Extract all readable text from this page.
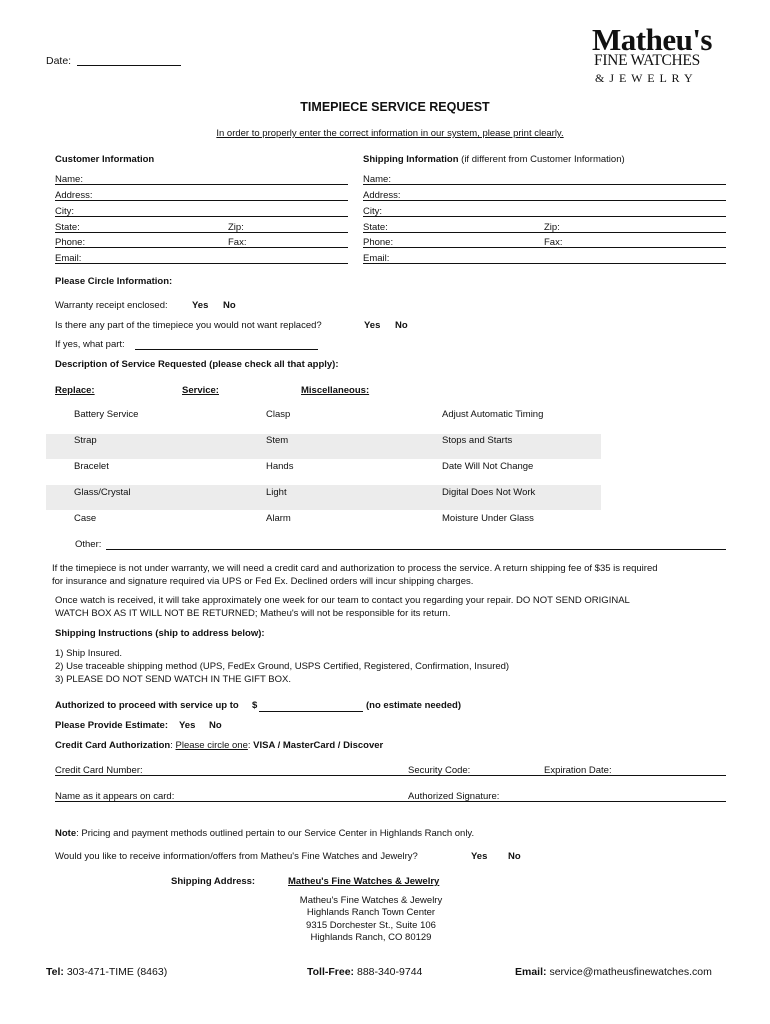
Date:
Matheu's
FINE WATCHES
& J E W E L R Y
TIMEPIECE SERVICE REQUEST
In order to properly enter the correct information in our system, please print clearly.
Customer Information
Name:
Address:
City:
State:	Zip:
Phone:	Fax:
Email:
Shipping Information (if different from Customer Information)
Name:
Address:
City:
State:	Zip:
Phone:	Fax:
Email:
Please Circle Information:
Warranty receipt enclosed:	Yes No
Is there any part of the timepiece you would not want replaced?	Yes No
If yes, what part:
Description of Service Requested (please check all that apply):
Replace:	Service:	Miscellaneous:
Battery Service	Clasp	Adjust Automatic Timing
Strap	Stem	Stops and Starts
Bracelet	Hands	Date Will Not Change
Glass/Crystal	Light	Digital Does Not Work
Case	Alarm	Moisture Under Glass
Other:
If the timepiece is not under warranty, we will need a credit card and authorization to process the service. A return shipping fee of $35 is required
for insurance and signature required via UPS or Fed Ex. Declined orders will incur shipping charges.
Once watch is received, it will take approximately one week for our team to contact you regarding your repair. DO NOT SEND ORIGINAL
WATCH BOX AS IT WILL NOT BE RETURNED; Matheu's will not be responsible for its return.
Shipping Instructions (ship to address below):
1) Ship Insured.
2) Use traceable shipping method (UPS, FedEx Ground, USPS Certified, Registered, Confirmation, Insured)
3) PLEASE DO NOT SEND WATCH IN THE GIFT BOX.
Authorized to proceed with service up to $	(no estimate needed)
Please Provide Estimate: Yes No
Credit Card Authorization: Please circle one: VISA / MasterCard / Discover
Credit Card Number:	Security Code:	Expiration Date:
Name as it appears on card:	Authorized Signature:
Note: Pricing and payment methods outlined pertain to our Service Center in Highlands Ranch only.
Would you like to receive information/offers from Matheu's Fine Watches and Jewelry?	Yes No
Shipping Address:	Matheu's Fine Watches & Jewelry
Matheu's Fine Watches & Jewelry
Highlands Ranch Town Center
9315 Dorchester St., Suite 106
Highlands Ranch, CO 80129
Tel: 303-471-TIME (8463)	Toll-Free: 888-340-9744	Email: service@matheusfinewatches.com
